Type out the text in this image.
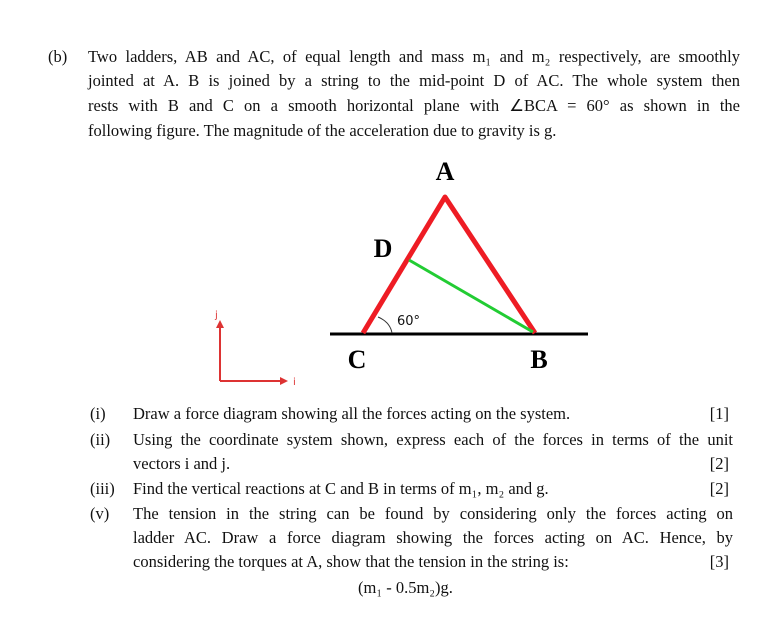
(b) Two ladders, AB and AC, of equal length and mass m₁ and m₂ respectively, are smoothly
jointed at A. B is joined by a string to the mid-point D of AC. The whole system then
rests with B and C on a smooth horizontal plane with ∠BCA = 60° as shown in the
following figure. The magnitude of the acceleration due to gravity is g.
A
D
C	B
60°
j
i
(i) Draw a force diagram showing all the forces acting on the system.	[1]
(ii) Using the coordinate system shown, express each of the forces in terms of the unit
vectors i and j.	[2]
(iii) Find the vertical reactions at C and B in terms of m₁, m₂ and g.	[2]
(v) The tension in the string can be found by considering only the forces acting on
ladder AC. Draw a force diagram showing the forces acting on AC. Hence, by
considering the torques at A, show that the tension in the string is:	[3]
(m₁ - 0.5m₂)g.
